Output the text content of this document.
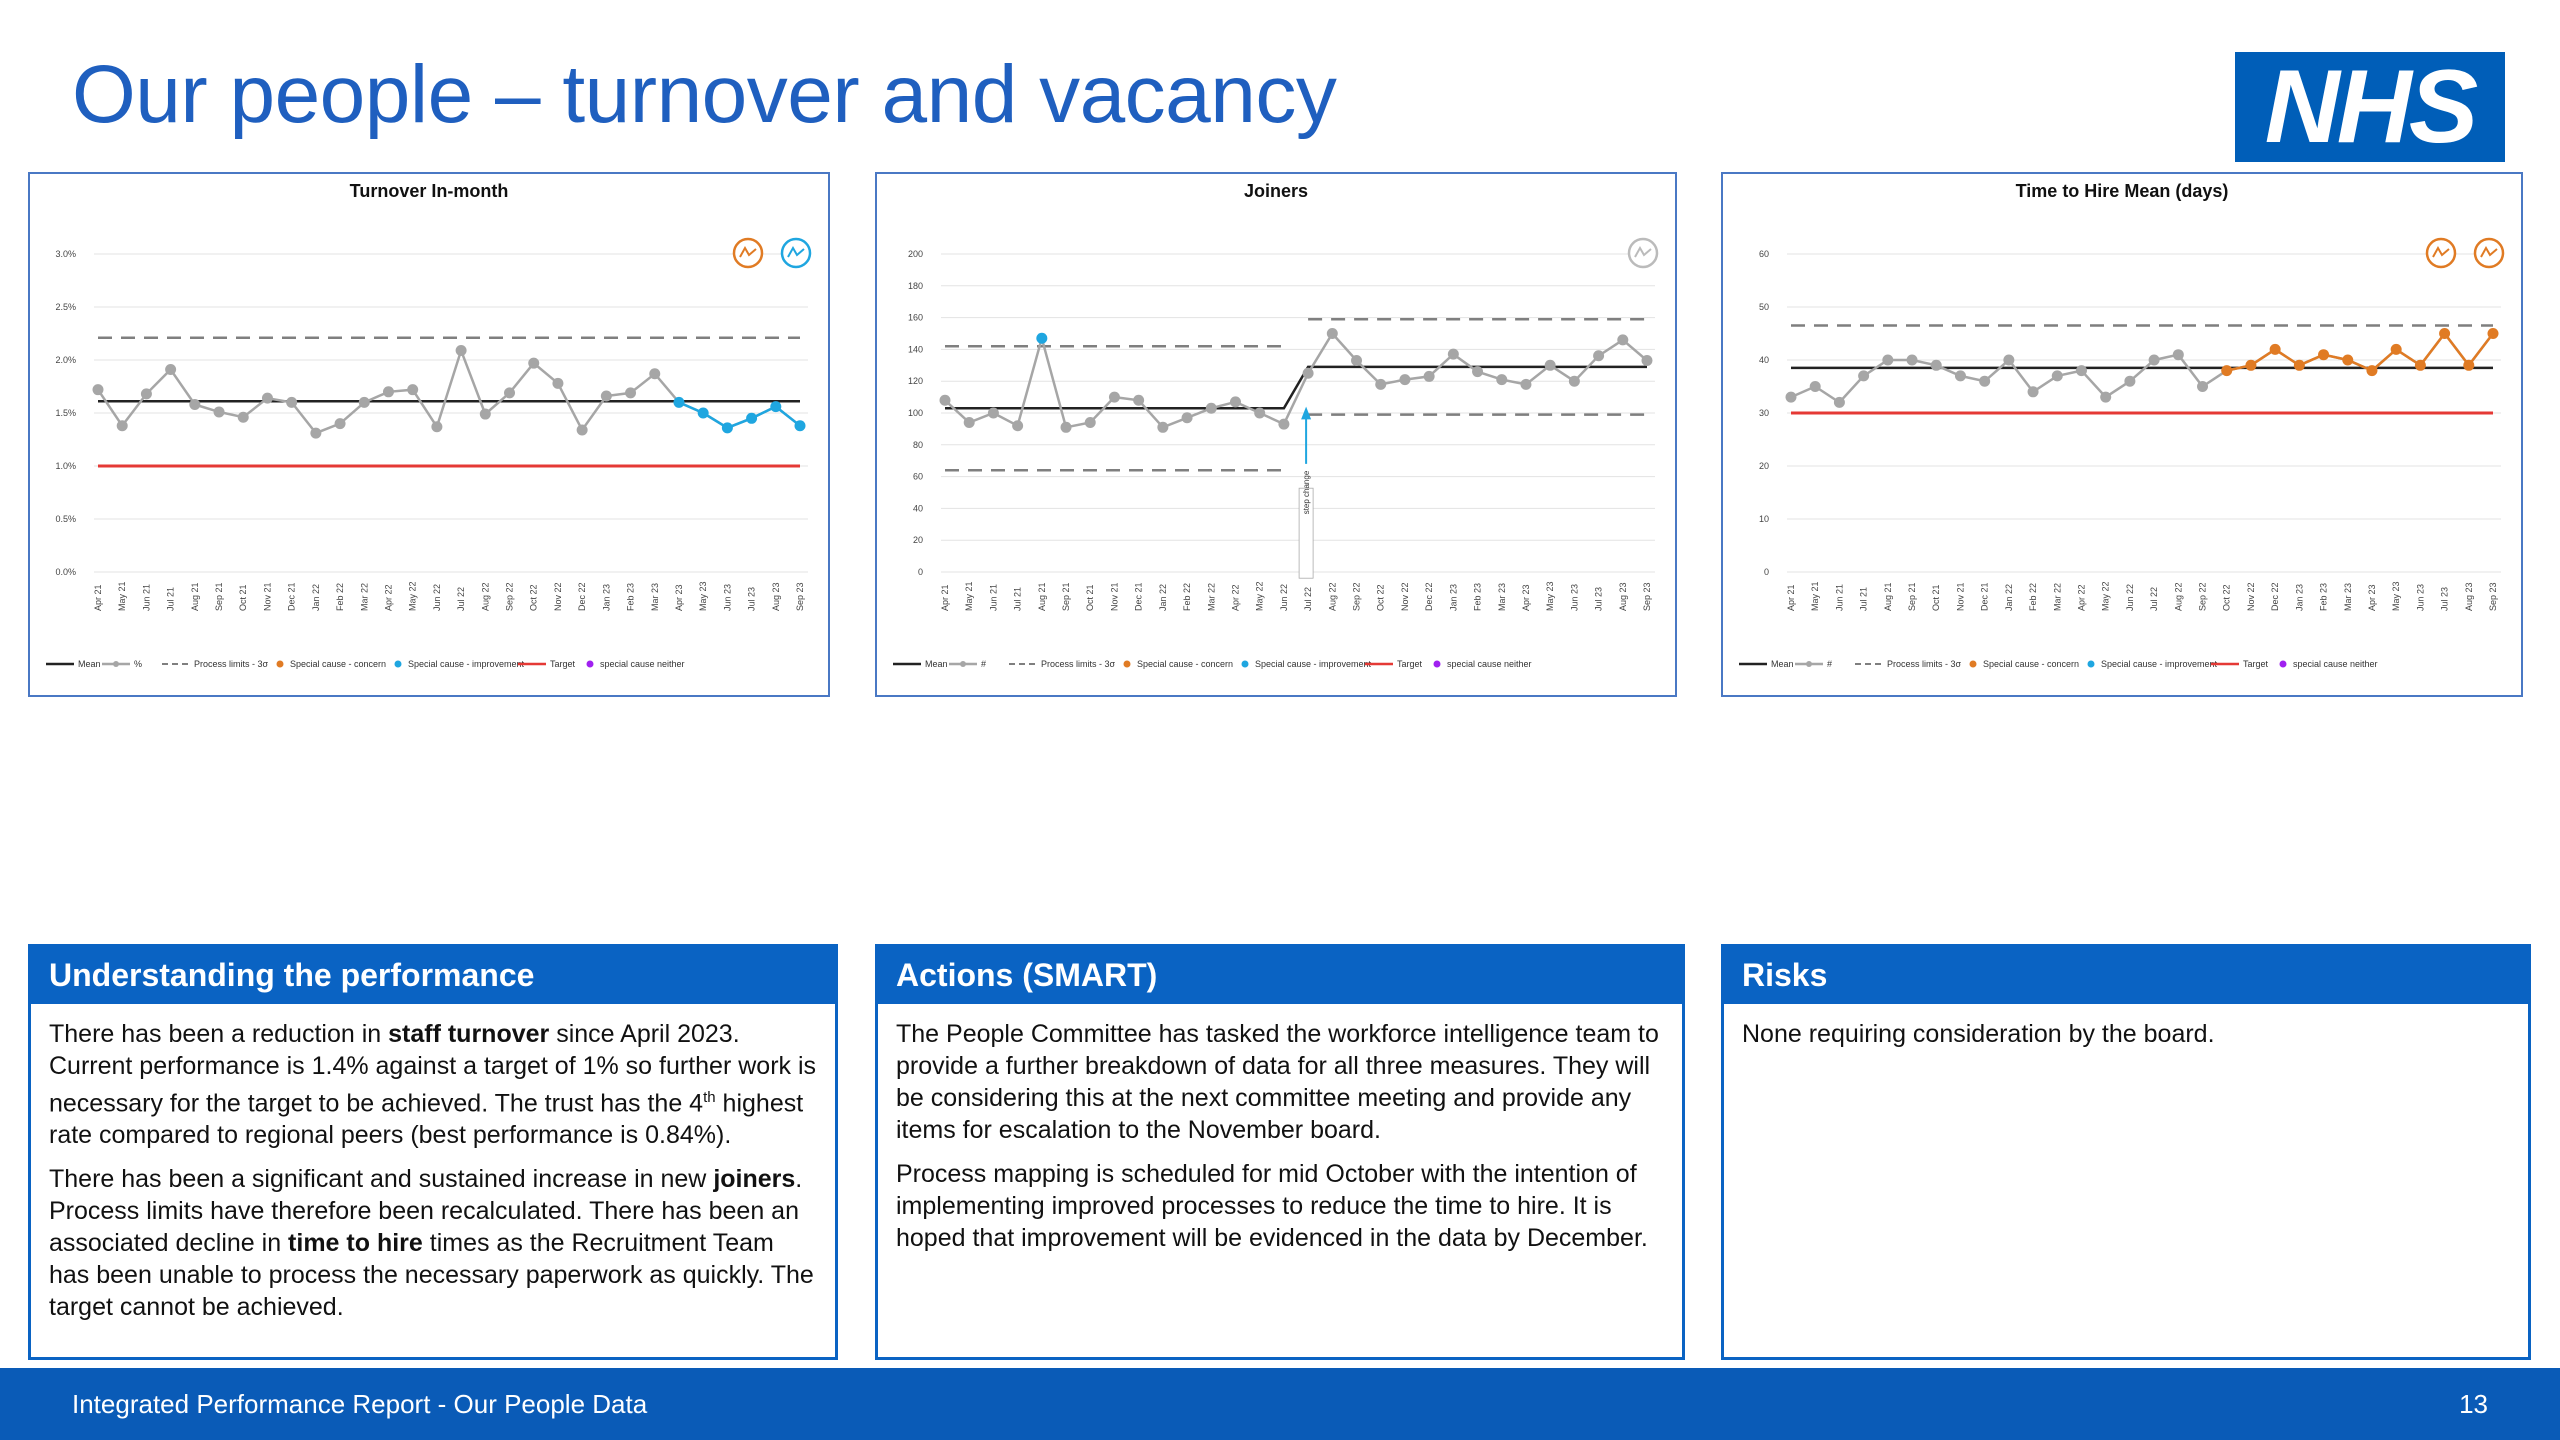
Our people – turnover and vacancy	NHS
Turnover In-month
0.0%
0.5%
1.0%
1.5%
2.0%
2.5%
3.0%
Apr 21 May 21 Jun 21 Jul 21 Aug 21 Sep 21 Oct 21 Nov 21 Dec 21 Jan 22 Feb 22 Mar 22 Apr 22 May 22 Jun 22 Jul 22 Aug 22 Sep 22 Oct 22 Nov 22 Dec 22 Jan 23 Feb 23 Mar 23 Apr 23 May 23 Jun 23 Jul 23 Aug 23 Sep 23
Mean	%	Process limits - 3σ Special cause - concern Special cause - improvement	Target	special cause neither
Joiners
0
20
40
60
80
100
120
140
160
180
200
Apr 21 May 21 Jun 21 Jul 21 Aug 21 Sep 21 Oct 21 Nov 21 Dec 21 Jan 22 Feb 22 Mar 22 Apr 22 May 22 Jun 22 Jul 22 Aug 22 Sep 22 Oct 22 Nov 22 Dec 22 Jan 23 Feb 23 Mar 23 Apr 23 May 23 Jun 23 Jul 23 Aug 23 Sep 23
step change
Mean	#	Process limits - 3σ Special cause - concern Special cause - improvement	Target	special cause neither
Time to Hire Mean (days)
0
10
20
30
40
50
60
Apr 21 May 21 Jun 21 Jul 21 Aug 21 Sep 21 Oct 21 Nov 21 Dec 21 Jan 22 Feb 22 Mar 22 Apr 22 May 22 Jun 22 Jul 22 Aug 22 Sep 22 Oct 22 Nov 22 Dec 22 Jan 23 Feb 23 Mar 23 Apr 23 May 23 Jun 23 Jul 23 Aug 23 Sep 23
Mean	#	Process limits - 3σ Special cause - concern Special cause - improvement	Target	special cause neither
Understanding the performance

There has been a reduction in staff turnover since April 2023. Current performance is 1.4% against a target of 1% so further work is necessary for the target to be achieved. The trust has the 4th highest rate compared to regional peers (best performance is 0.84%).

There has been a significant and sustained increase in new joiners. Process limits have therefore been recalculated. There has been an associated decline in time to hire times as the Recruitment Team has been unable to process the necessary paperwork as quickly. The target cannot be achieved.

Actions (SMART)

The People Committee has tasked the workforce intelligence team to provide a further breakdown of data for all three measures. They will be considering this at the next committee meeting and provide any items for escalation to the November board.

Process mapping is scheduled for mid October with the intention of implementing improved processes to reduce the time to hire. It is hoped that improvement will be evidenced in the data by December.

Risks

None requiring consideration by the board.

Integrated Performance Report - Our People Data	13
